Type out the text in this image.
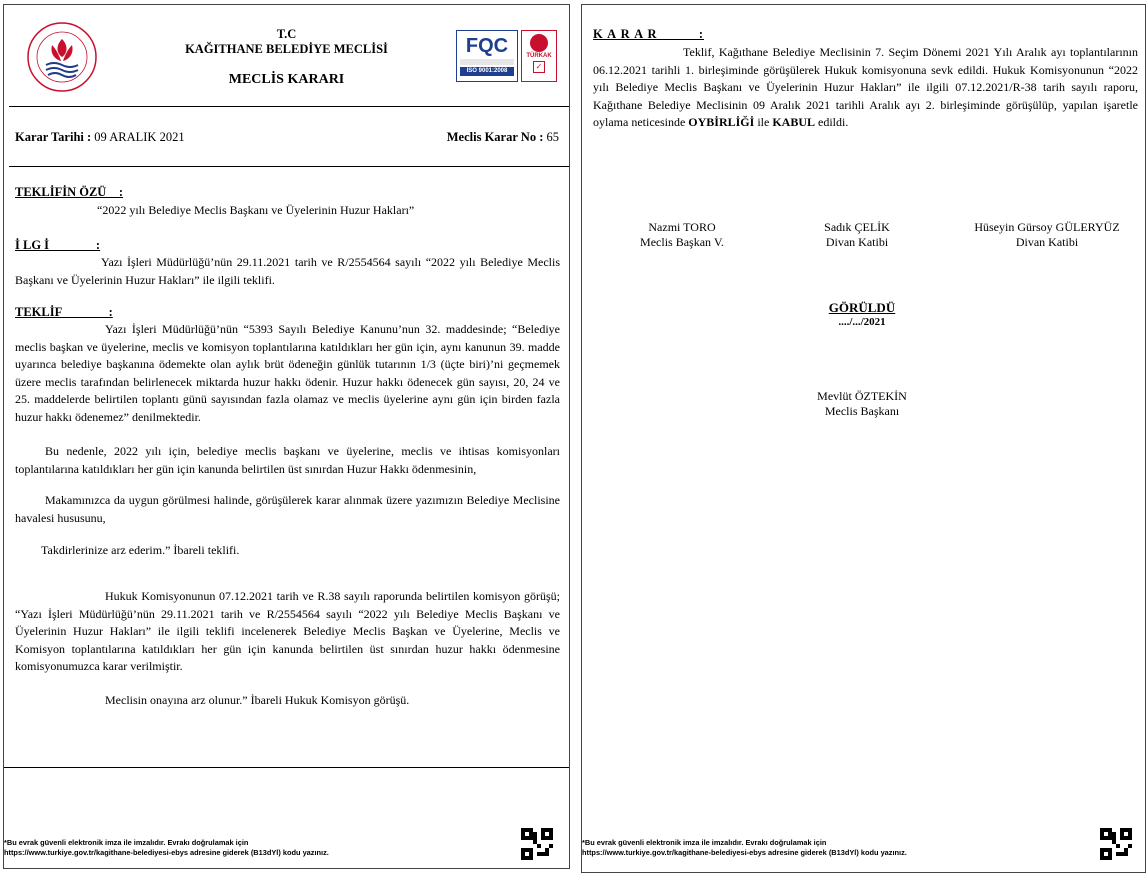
T.C
KAĞITHANE BELEDİYE MECLİSİ
MECLİS KARARI
FQC
ISO 9001:2008
TÜRKAK
✓
Karar Tarihi : 09 ARALIK 2021	Meclis Karar No : 65
TEKLİFİN ÖZÜ    :
“2022 yılı Belediye Meclis Başkanı ve Üyelerinin Huzur Hakları”
İ LG İ               :
Yazı İşleri Müdürlüğü’nün 29.11.2021 tarih ve R/2554564 sayılı “2022 yılı Belediye Meclis Başkanı ve Üyelerinin Huzur Hakları” ile ilgili teklifi.
TEKLİF               :
Yazı İşleri Müdürlüğü’nün “5393 Sayılı Belediye Kanunu’nun 32. maddesinde; “Belediye meclis başkan ve üyelerine, meclis ve komisyon toplantılarına katıldıkları her gün için, aynı kanunun 39. madde uyarınca belediye başkanına ödemekte olan aylık brüt ödeneğin günlük tutarının 1/3 (üçte biri)’ni geçmemek üzere meclis tarafından belirlenecek miktarda huzur hakkı ödenir. Huzur hakkı ödenecek gün sayısı, 20, 24 ve 25. maddelerde belirtilen toplantı günü sayısından fazla olamaz ve meclis üyelerine aynı gün için birden fazla huzur hakkı ödenemez” denilmektedir.
Bu nedenle, 2022 yılı için, belediye meclis başkanı ve üyelerine, meclis ve ihtisas komisyonları toplantılarına katıldıkları her gün için kanunda belirtilen üst sınırdan Huzur Hakkı ödenmesinin,
Makamınızca da uygun görülmesi halinde, görüşülerek karar alınmak üzere yazımızın Belediye Meclisine havalesi hususunu,
Takdirlerinize arz ederim.” İbareli teklifi.
Hukuk Komisyonunun 07.12.2021 tarih ve R.38 sayılı raporunda belirtilen komisyon görüşü; “Yazı İşleri Müdürlüğü’nün 29.11.2021 tarih ve R/2554564 sayılı “2022 yılı Belediye Meclis Başkanı ve Üyelerinin Huzur Hakları” ile ilgili teklifi incelenerek Belediye Meclis Başkan ve Üyelerine, Meclis ve Komisyon toplantılarına katıldıkları her gün için kanunda belirtilen üst sınırdan huzur hakkı ödenmesine komisyonumuzca karar verilmiştir.
Meclisin onayına arz olunur.” İbareli Hukuk Komisyon görüşü.
*Bu evrak güvenli elektronik imza ile imzalıdır. Evrakı doğrulamak için
https://www.turkiye.gov.tr/kagithane-belediyesi-ebys adresine giderek (B13dYl) kodu yazınız.
K A R A R          :
Teklif, Kağıthane Belediye Meclisinin 7. Seçim Dönemi 2021 Yılı Aralık ayı toplantılarının 06.12.2021 tarihli 1. birleşiminde görüşülerek Hukuk komisyonuna sevk edildi. Hukuk Komisyonunun “2022 yılı Belediye Meclis Başkanı ve Üyelerinin Huzur Hakları” ile ilgili 07.12.2021/R-38 tarih sayılı raporu, Kağıthane Belediye Meclisinin 09 Aralık 2021 tarihli Aralık ayı 2. birleşiminde görüşülüp, yapılan işaretle oylama neticesinde OYBİRLİĞİ ile KABUL edildi.
Nazmi TORO
Meclis Başkan V.
Sadık ÇELİK
Divan Katibi
Hüseyin Gürsoy GÜLERYÜZ
Divan Katibi
GÖRÜLDÜ
..../.../2021
Mevlüt ÖZTEKİN
Meclis Başkanı
*Bu evrak güvenli elektronik imza ile imzalıdır. Evrakı doğrulamak için
https://www.turkiye.gov.tr/kagithane-belediyesi-ebys adresine giderek (B13dYl) kodu yazınız.
